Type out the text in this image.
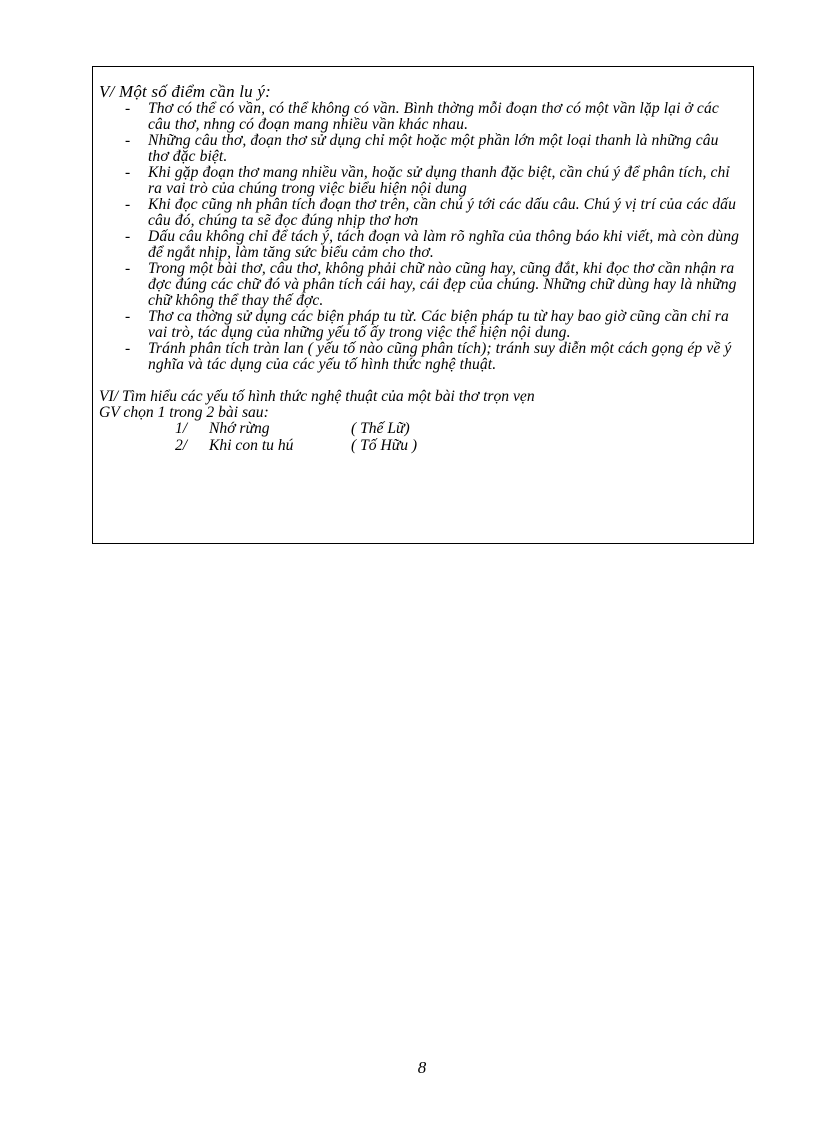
V/ Một số điểm cần lu ý:

- Thơ có thể có vần, có thể không có vần. Bình thờng mỗi đoạn thơ có một vần lặp lại ở các câu thơ, nhng có đoạn mang nhiều vần khác nhau.
- Những câu thơ, đoạn thơ sử dụng chỉ một hoặc một phần lớn một loại thanh là những câu thơ đặc biệt.
- Khi gặp đoạn thơ mang nhiều vần, hoặc sử dụng thanh đặc biệt, cần chú ý để phân tích, chỉ ra vai trò của chúng trong việc biểu hiện nội dung
- Khi đọc cũng nh phân tích đoạn thơ trên, cần chú ý tới các dấu câu. Chú ý vị trí của các dấu câu đó, chúng ta sẽ đọc đúng nhịp thơ hơn
- Dấu câu không chỉ để tách ý, tách đoạn và làm rõ nghĩa của thông báo khi viết, mà còn dùng để ngắt nhịp, làm tăng sức biểu cảm cho thơ.
- Trong một bài thơ, câu thơ, không phải chữ nào cũng hay, cũng đắt, khi đọc thơ cần nhận ra đợc đúng các chữ đó và phân tích cái hay, cái đẹp của chúng. Những chữ dùng hay là những chữ không thể thay thế đợc.
- Thơ ca thờng sử dụng các biện pháp tu từ. Các biện pháp tu từ hay bao giờ cũng cần chỉ ra vai trò, tác dụng của những yếu tố ấy trong việc thể hiện nội dung.
- Tránh phân tích tràn lan ( yếu tố nào cũng phân tích); tránh suy diễn một cách gọng ép về ý nghĩa và tác dụng của các yếu tố hình thức nghệ thuật.

VI/ Tìm hiểu các yếu tố hình thức nghệ thuật của một bài thơ trọn vẹn

GV chọn 1 trong 2 bài sau:

1/ Nhớ rừng	( Thế Lữ)
2/ Khi con tu hú	( Tố Hữu )
8
